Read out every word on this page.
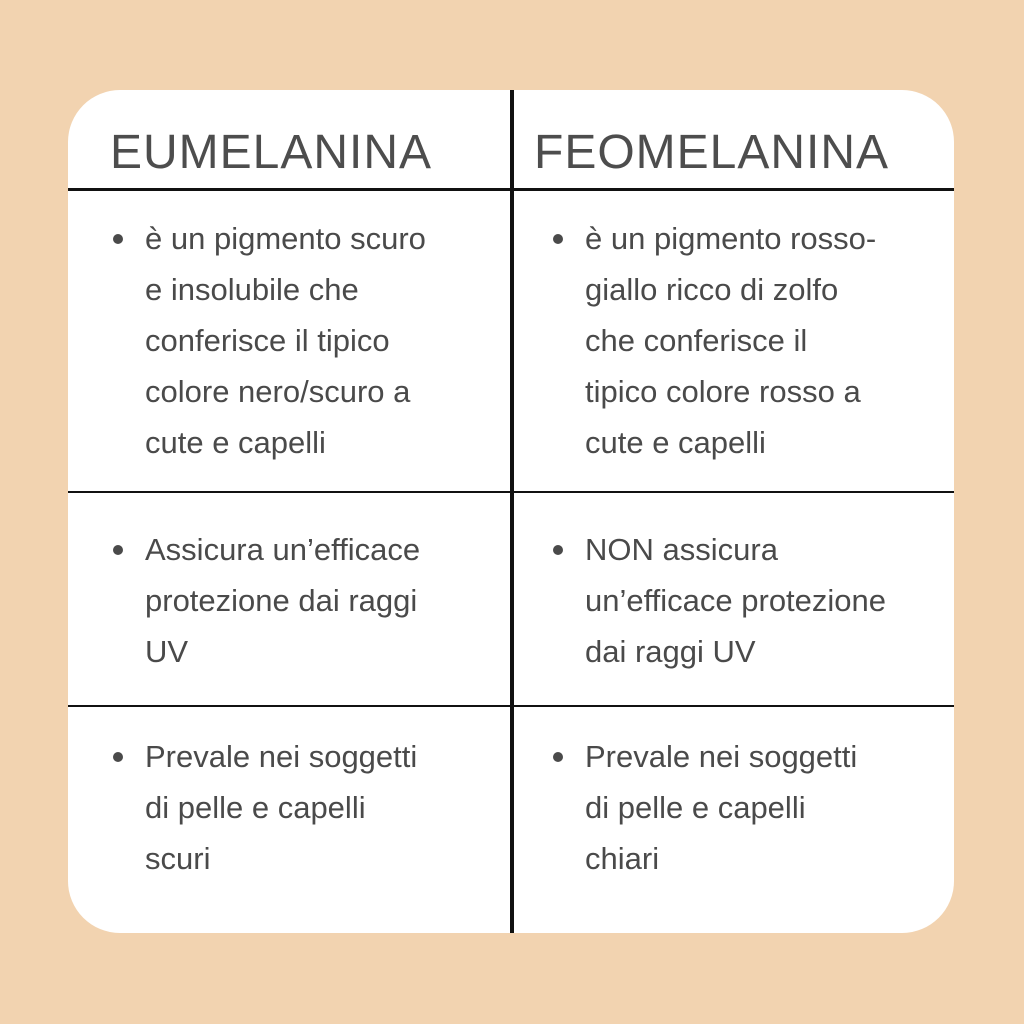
EUMELANINA FEOMELANINA
è un pigmento scuro
e insolubile che
conferisce il tipico
colore nero/scuro a
cute e capelli
è un pigmento rosso-
giallo ricco di zolfo
che conferisce il
tipico colore rosso a
cute e capelli
Assicura un’efficace
protezione dai raggi
UV
NON assicura
un’efficace protezione
dai raggi UV
Prevale nei soggetti
di pelle e capelli
scuri
Prevale nei soggetti
di pelle e capelli
chiari
